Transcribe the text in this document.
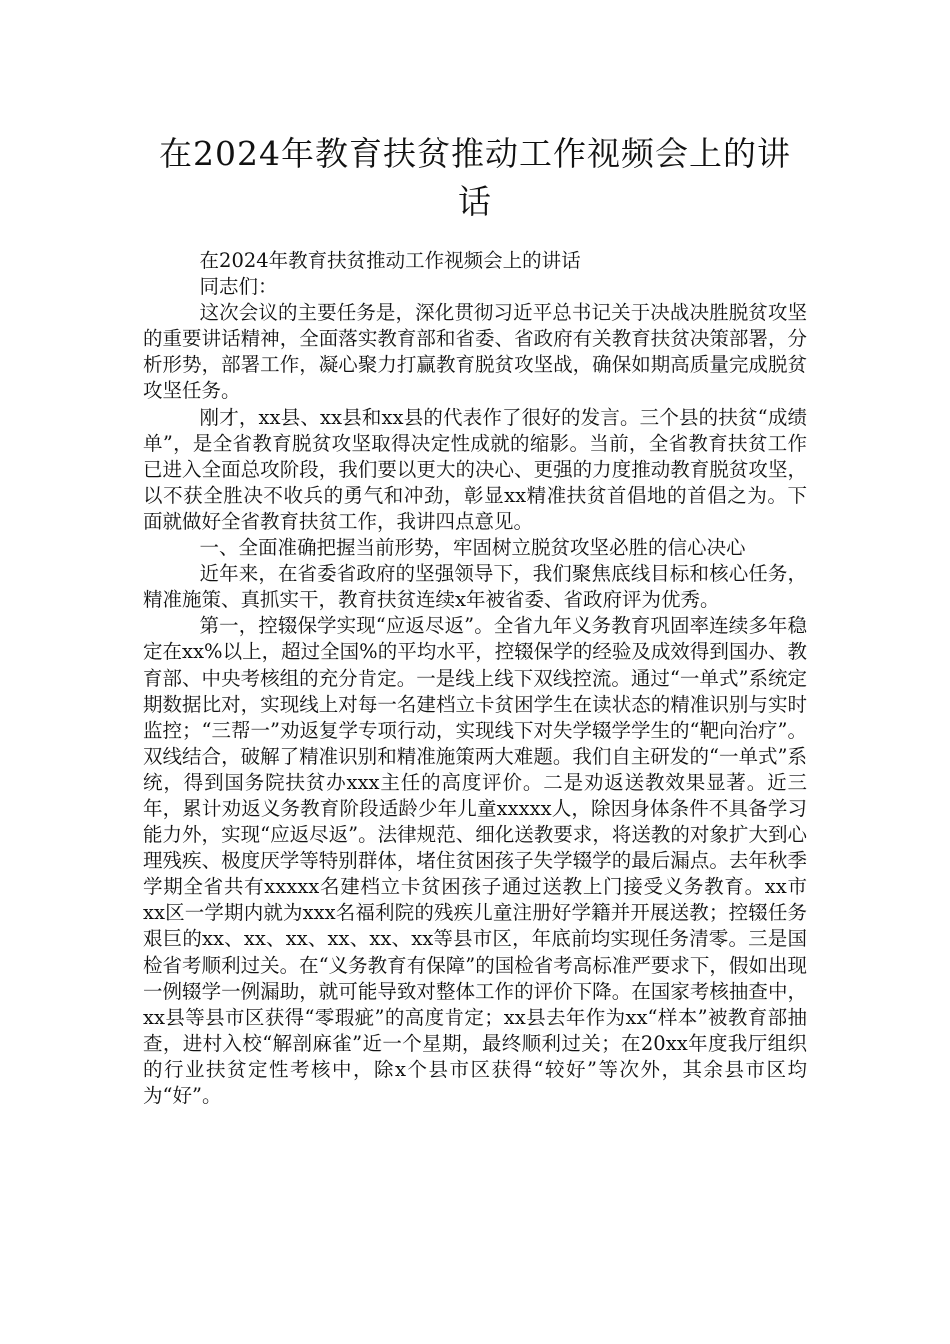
在2024年教育扶贫推动工作视频会上的讲话

在2024年教育扶贫推动工作视频会上的讲话

同志们：

这次会议的主要任务是，深化贯彻习近平总书记关于决战决胜脱贫攻坚的重要讲话精神，全面落实教育部和省委、省政府有关教育扶贫决策部署，分析形势，部署工作，凝心聚力打赢教育脱贫攻坚战，确保如期高质量完成脱贫攻坚任务。

刚才，xx县、xx县和xx县的代表作了很好的发言。三个县的扶贫“成绩单”，是全省教育脱贫攻坚取得决定性成就的缩影。当前，全省教育扶贫工作已进入全面总攻阶段，我们要以更大的决心、更强的力度推动教育脱贫攻坚，以不获全胜决不收兵的勇气和冲劲，彰显xx精准扶贫首倡地的首倡之为。下面就做好全省教育扶贫工作，我讲四点意见。

一、全面准确把握当前形势，牢固树立脱贫攻坚必胜的信心决心

近年来，在省委省政府的坚强领导下，我们聚焦底线目标和核心任务，精准施策、真抓实干，教育扶贫连续x年被省委、省政府评为优秀。

第一，控辍保学实现“应返尽返”。全省九年义务教育巩固率连续多年稳定在xx%以上，超过全国%的平均水平，控辍保学的经验及成效得到国办、教育部、中央考核组的充分肯定。一是线上线下双线控流。通过“一单式”系统定期数据比对，实现线上对每一名建档立卡贫困学生在读状态的精准识别与实时监控；“三帮一”劝返复学专项行动，实现线下对失学辍学学生的“靶向治疗”。双线结合，破解了精准识别和精准施策两大难题。我们自主研发的“一单式”系统，得到国务院扶贫办xxx主任的高度评价。二是劝返送教效果显著。近三年，累计劝返义务教育阶段适龄少年儿童xxxxx人，除因身体条件不具备学习能力外，实现“应返尽返”。法律规范、细化送教要求，将送教的对象扩大到心理残疾、极度厌学等特别群体，堵住贫困孩子失学辍学的最后漏点。去年秋季学期全省共有xxxxx名建档立卡贫困孩子通过送教上门接受义务教育。xx市xx区一学期内就为xxx名福利院的残疾儿童注册好学籍并开展送教；控辍任务艰巨的xx、xx、xx、xx、xx、xx等县市区，年底前均实现任务清零。三是国检省考顺利过关。在“义务教育有保障”的国检省考高标准严要求下，假如出现一例辍学一例漏助，就可能导致对整体工作的评价下降。在国家考核抽查中，xx县等县市区获得“零瑕疵”的高度肯定；xx县去年作为xx“样本”被教育部抽查，进村入校“解剖麻雀”近一个星期，最终顺利过关；在20xx年度我厅组织的行业扶贫定性考核中，除x个县市区获得“较好”等次外，其余县市区均为“好”。
